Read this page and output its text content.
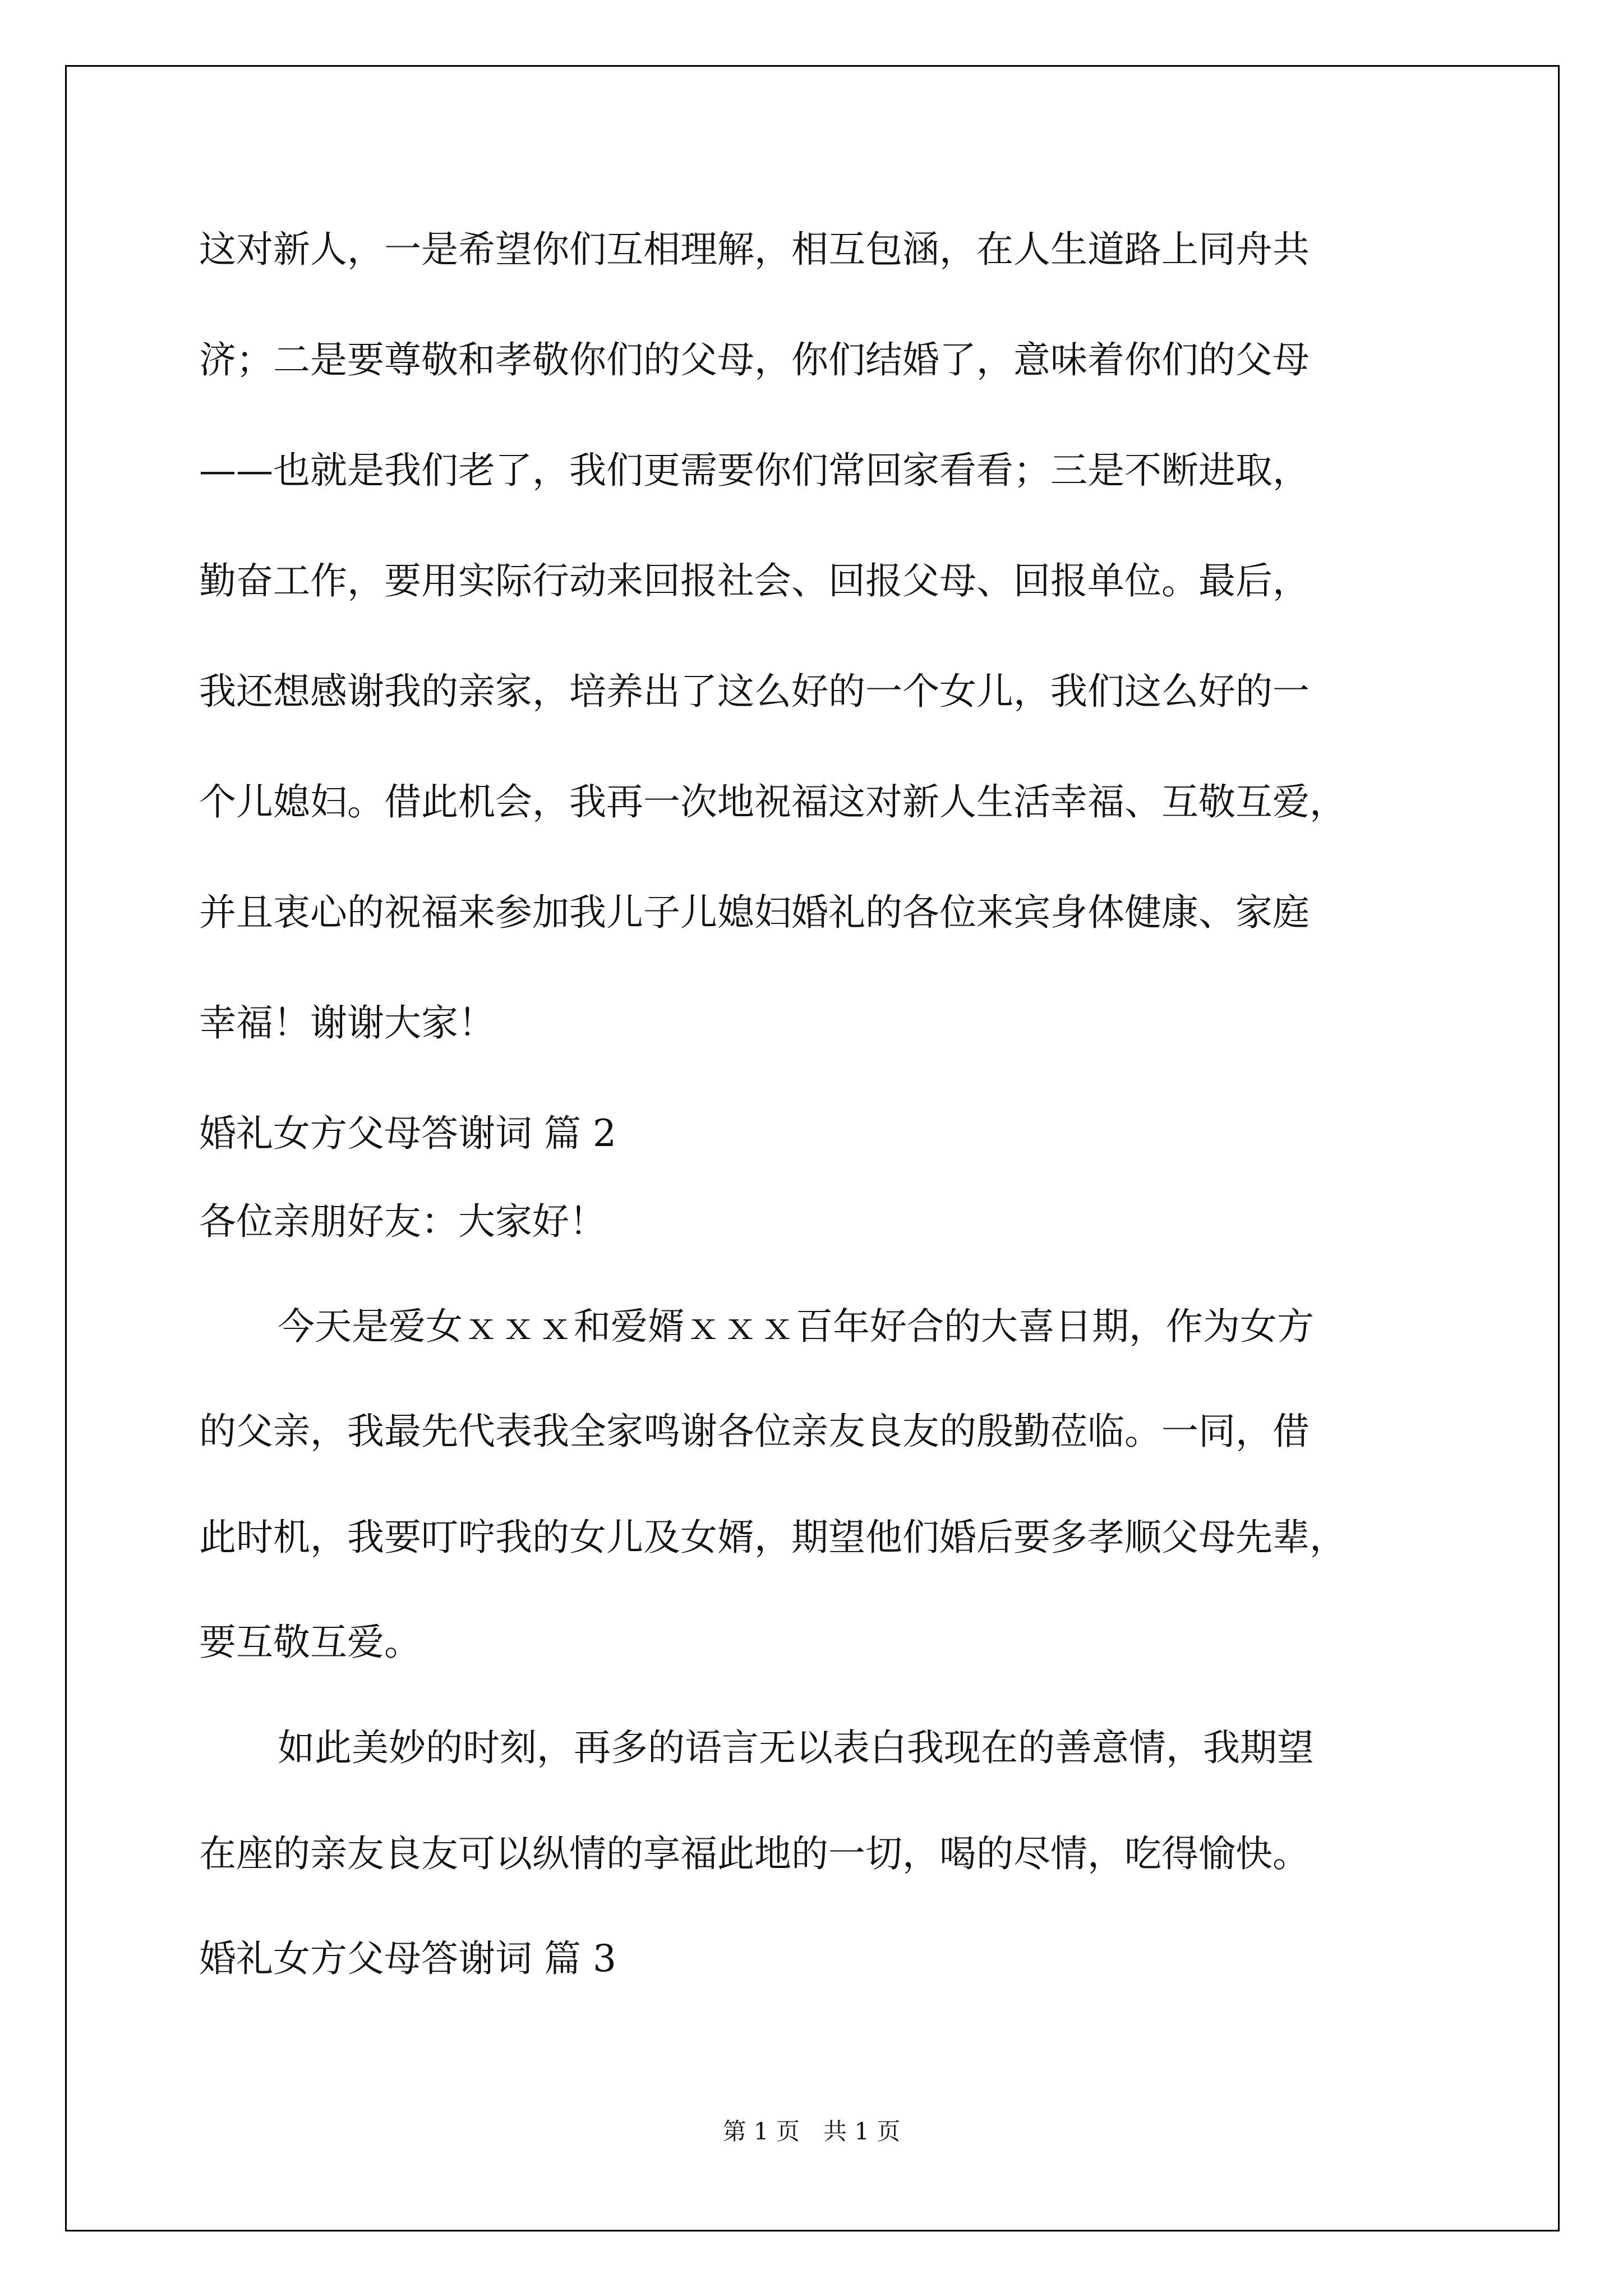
这对新人，一是希望你们互相理解，相互包涵，在人生道路上同舟共

济；二是要尊敬和孝敬你们的父母，你们结婚了，意味着你们的父母

——也就是我们老了，我们更需要你们常回家看看；三是不断进取，

勤奋工作，要用实际行动来回报社会、回报父母、回报单位。最后，

我还想感谢我的亲家，培养出了这么好的一个女儿，我们这么好的一

个儿媳妇。借此机会，我再一次地祝福这对新人生活幸福、互敬互爱，

并且衷心的祝福来参加我儿子儿媳妇婚礼的各位来宾身体健康、家庭

幸福！谢谢大家！

婚礼女方父母答谢词 篇 2

各位亲朋好友：大家好！

今天是爱女ｘｘｘ和爱婿ｘｘｘ百年好合的大喜日期，作为女方

的父亲，我最先代表我全家鸣谢各位亲友良友的殷勤莅临。一同，借

此时机，我要叮咛我的女儿及女婿，期望他们婚后要多孝顺父母先辈，

要互敬互爱。

如此美妙的时刻，再多的语言无以表白我现在的善意情，我期望

在座的亲友良友可以纵情的享福此地的一切，喝的尽情，吃得愉快。

婚礼女方父母答谢词 篇 3

第 1 页　共 1 页
